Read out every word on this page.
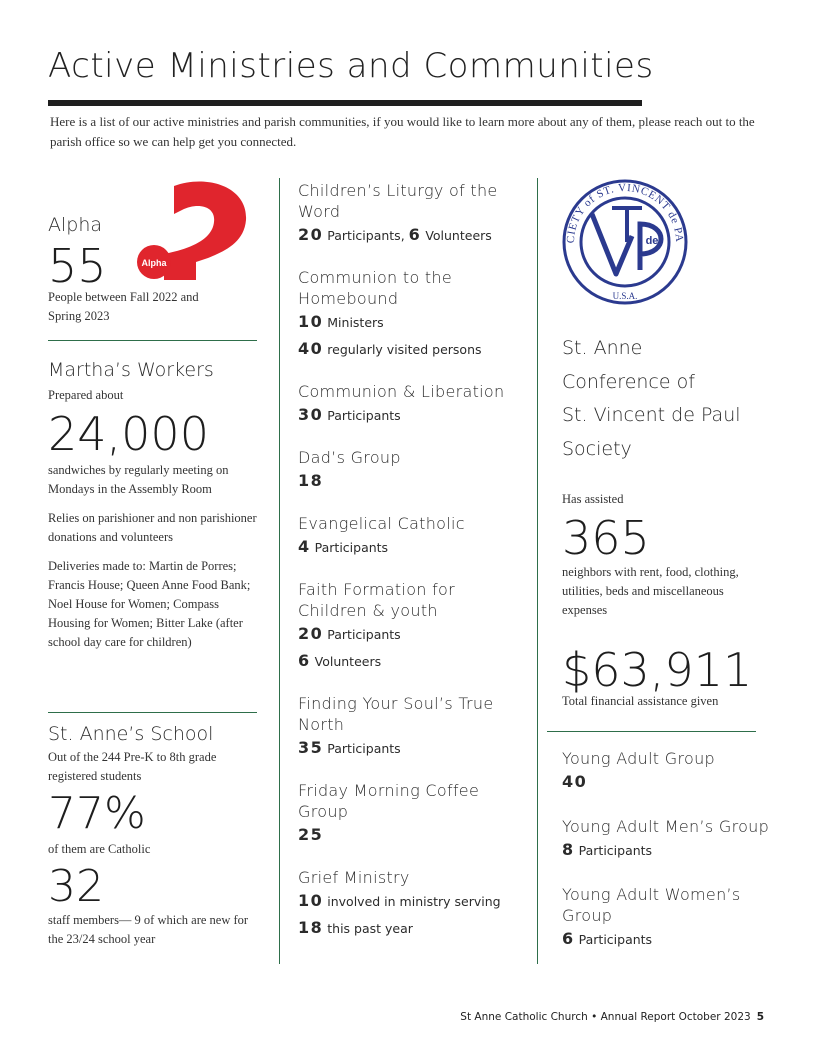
Active Ministries and Communities
Here is a list of our active ministries and parish communities, if you would like to learn more about any of them, please reach out to the parish office so we can help get you connected.
Alpha
55
People between Fall 2022 and Spring 2023
Alpha
Martha’s Workers
Prepared about
24,000
sandwiches by regularly meeting on Mondays in the Assembly Room
Relies on parishioner and non parishioner donations and volunteers
Deliveries made to: Martin de Porres; Francis House; Queen Anne Food Bank; Noel House for Women; Compass Housing for Women; Bitter Lake (after school day care for children)
St. Anne’s School
Out of the 244 Pre-K to 8th grade registered students
77%
of them are Catholic
32
staff members— 9 of which are new for the 23/24 school year
Children’s Liturgy of the Word
20 Participants, 6 Volunteers
Communion to the Homebound
10 Ministers
40 regularly visited persons
Communion & Liberation
30 Participants
Dad’s Group
18
Evangelical Catholic
4 Participants
Faith Formation for Children & youth
20 Participants
6 Volunteers
Finding Your Soul’s True North
35 Participants
Friday Morning Coffee Group
25
Grief Ministry
10 involved in ministry serving
18 this past year
CIETY of ST. VINCENT de PA
U.S.A.
de
St. Anne
Conference of
St. Vincent de Paul
Society
Has assisted
365
neighbors with rent, food, clothing, utilities, beds and miscellaneous expenses
$63,911
Total financial assistance given
Young Adult Group
40
Young Adult Men’s Group
8 Participants
Young Adult Women’s Group
6 Participants
St Anne Catholic Church • Annual Report October 2023 5
